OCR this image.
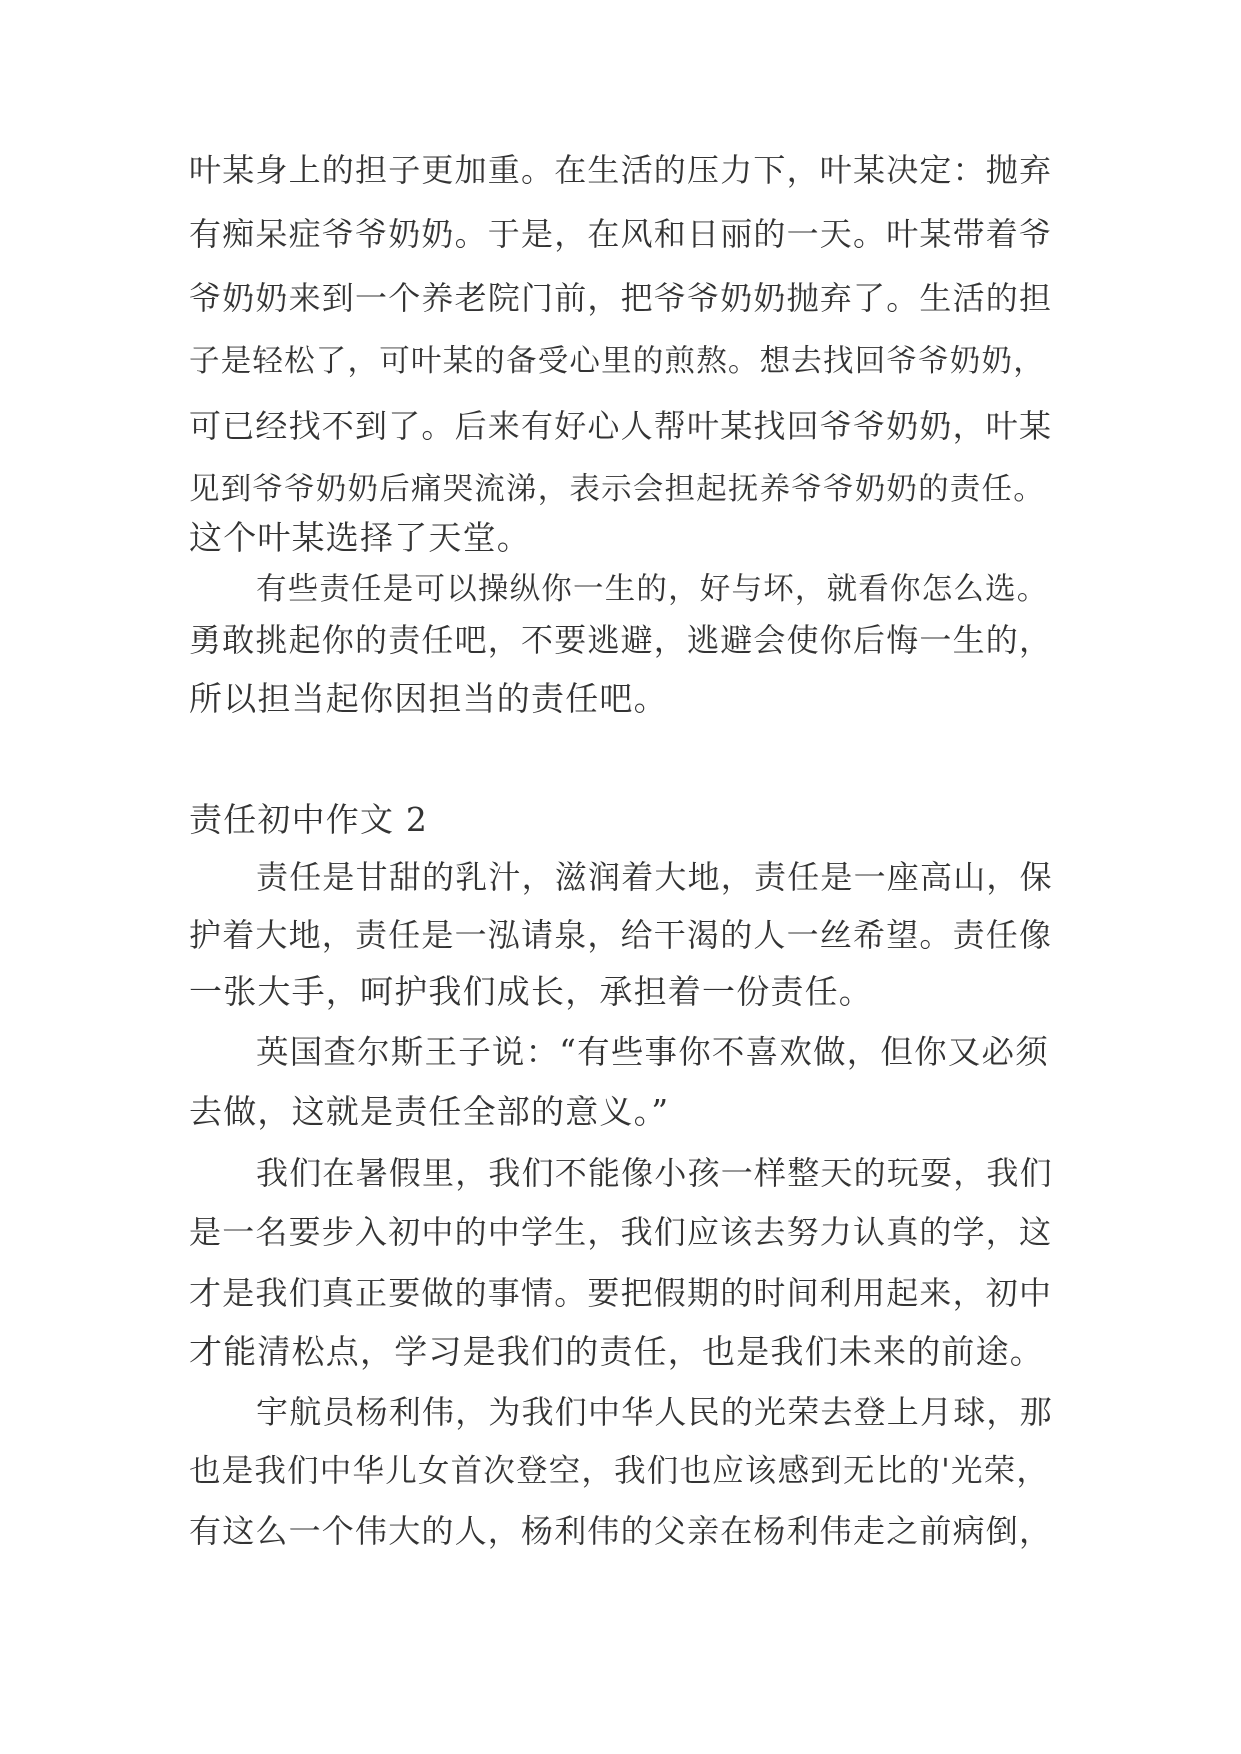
叶某身上的担子更加重。在生活的压力下，叶某决定：抛弃

有痴呆症爷爷奶奶。于是，在风和日丽的一天。叶某带着爷

爷奶奶来到一个养老院门前，把爷爷奶奶抛弃了。生活的担

子是轻松了，可叶某的备受心里的煎熬。想去找回爷爷奶奶，

可已经找不到了。后来有好心人帮叶某找回爷爷奶奶，叶某

见到爷爷奶奶后痛哭流涕，表示会担起抚养爷爷奶奶的责任。

这个叶某选择了天堂。

有些责任是可以操纵你一生的，好与坏，就看你怎么选。

勇敢挑起你的责任吧，不要逃避，逃避会使你后悔一生的，

所以担当起你因担当的责任吧。

责任初中作文 2

责任是甘甜的乳汁，滋润着大地，责任是一座高山，保

护着大地，责任是一泓请泉，给干渴的人一丝希望。责任像

一张大手，呵护我们成长，承担着一份责任。

英国查尔斯王子说：“有些事你不喜欢做，但你又必须

去做，这就是责任全部的意义。”

我们在暑假里，我们不能像小孩一样整天的玩耍，我们

是一名要步入初中的中学生，我们应该去努力认真的学，这

才是我们真正要做的事情。要把假期的时间利用起来，初中

才能清松点，学习是我们的责任，也是我们未来的前途。

宇航员杨利伟，为我们中华人民的光荣去登上月球，那

也是我们中华儿女首次登空，我们也应该感到无比的'光荣，

有这么一个伟大的人，杨利伟的父亲在杨利伟走之前病倒，
